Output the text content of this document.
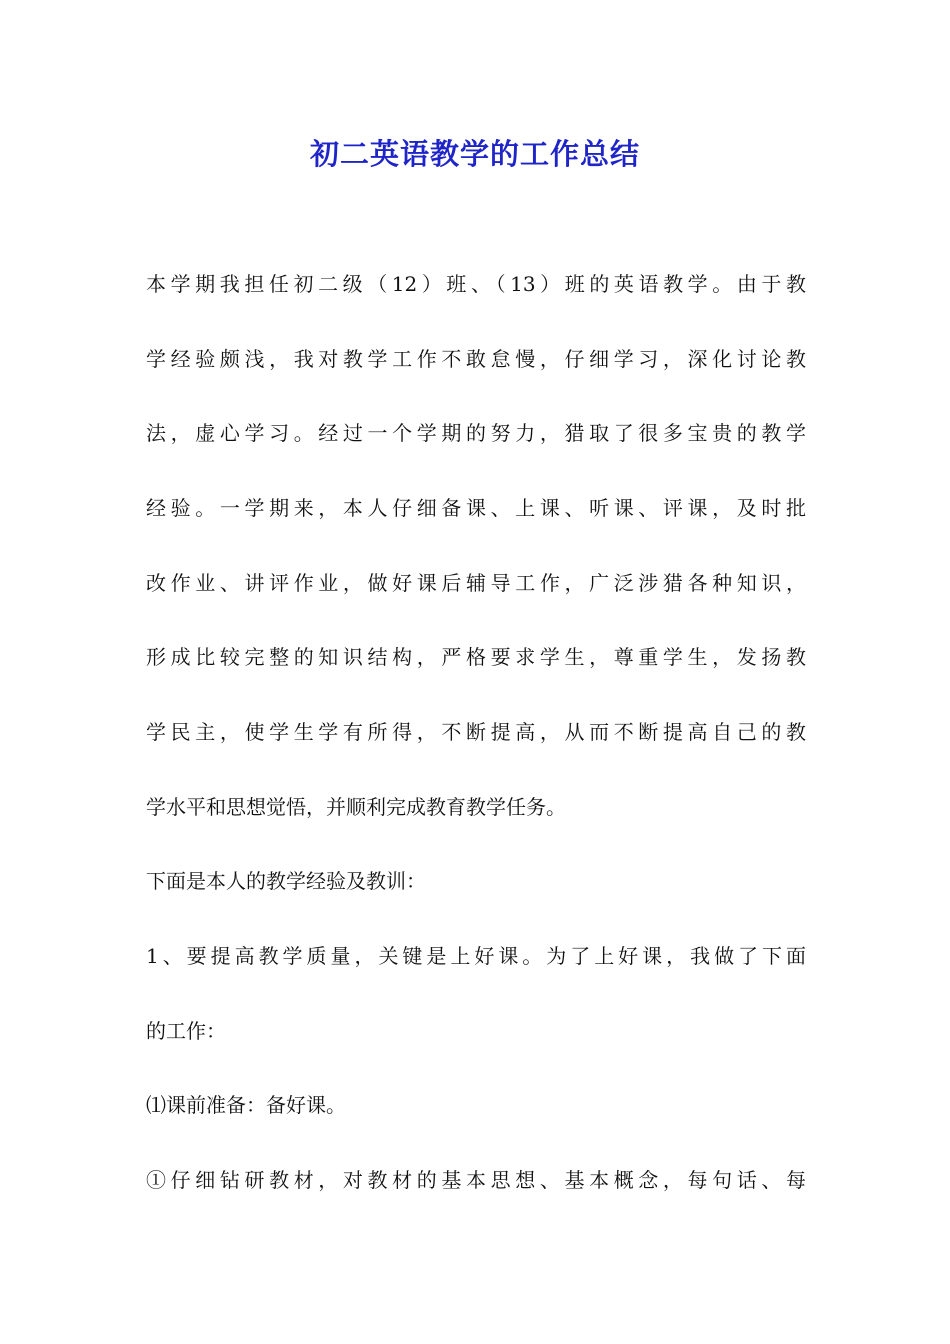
初二英语教学的工作总结

本学期我担任初二级（12）班、（13）班的英语教学。由于教

学经验颇浅，我对教学工作不敢怠慢，仔细学习，深化讨论教

法，虚心学习。经过一个学期的努力，猎取了很多宝贵的教学

经验。一学期来，本人仔细备课、上课、听课、评课，及时批

改作业、讲评作业，做好课后辅导工作，广泛涉猎各种知识，

形成比较完整的知识结构，严格要求学生，尊重学生，发扬教

学民主，使学生学有所得，不断提高，从而不断提高自己的教

学水平和思想觉悟，并顺利完成教育教学任务。

下面是本人的教学经验及教训：

1、要提高教学质量，关键是上好课。为了上好课，我做了下面

的工作：

⑴课前准备：备好课。

①仔细钻研教材，对教材的基本思想、基本概念，每句话、每
